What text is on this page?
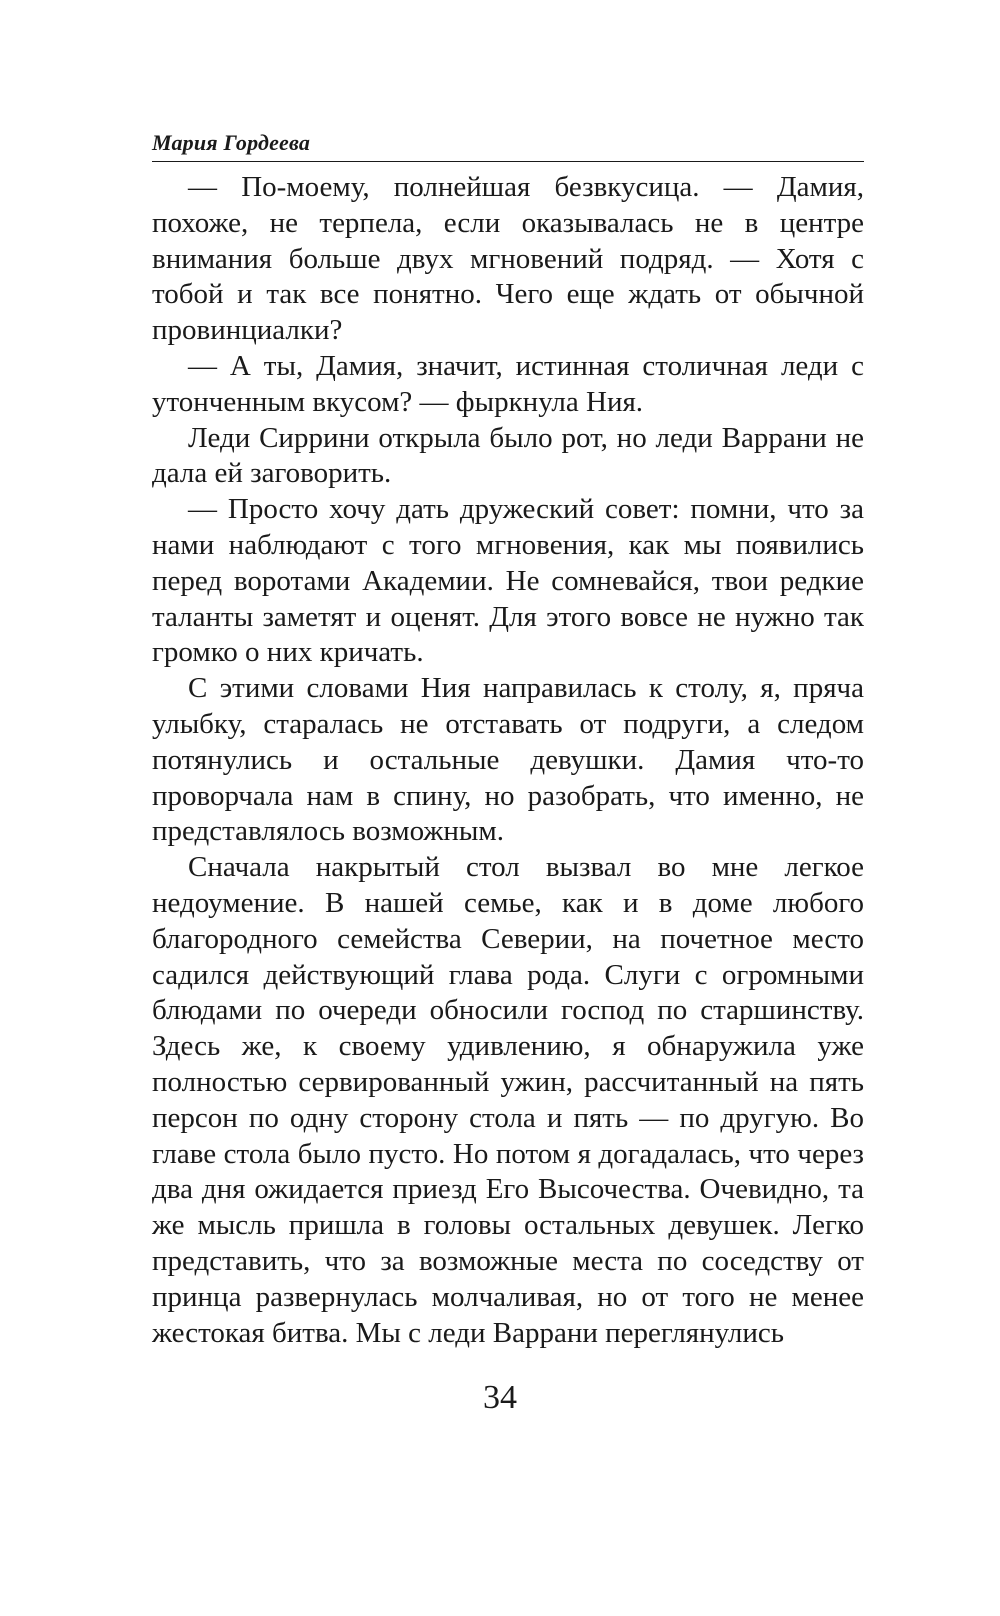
Мария Гордеева

— По-моему, полнейшая безвкусица. — Дамия, похоже, не терпела, если оказывалась не в центре внимания больше двух мгновений подряд. — Хотя с тобой и так все понятно. Чего еще ждать от обычной провинциалки?

— А ты, Дамия, значит, истинная столичная леди с утонченным вкусом? — фыркнула Ния.

Леди Сиррини открыла было рот, но леди Варрани не дала ей заговорить.

— Просто хочу дать дружеский совет: помни, что за нами наблюдают с того мгновения, как мы появились перед воротами Академии. Не сомневайся, твои редкие таланты заметят и оценят. Для этого вовсе не нужно так громко о них кричать.

С этими словами Ния направилась к столу, я, пряча улыбку, старалась не отставать от подруги, а следом потянулись и остальные девушки. Дамия что-то проворчала нам в спину, но разобрать, что именно, не представлялось возможным.

Сначала накрытый стол вызвал во мне легкое недоумение. В нашей семье, как и в доме любого благородного семейства Северии, на почетное место садился действующий глава рода. Слуги с огромными блюдами по очереди обносили господ по старшинству. Здесь же, к своему удивлению, я обнаружила уже полностью сервированный ужин, рассчитанный на пять персон по одну сторону стола и пять — по другую. Во главе стола было пусто. Но потом я догадалась, что через два дня ожидается приезд Его Высочества. Очевидно, та же мысль пришла в головы остальных девушек. Легко представить, что за возможные места по соседству от принца развернулась молчаливая, но от того не менее жестокая битва. Мы с леди Варрани переглянулись

34
